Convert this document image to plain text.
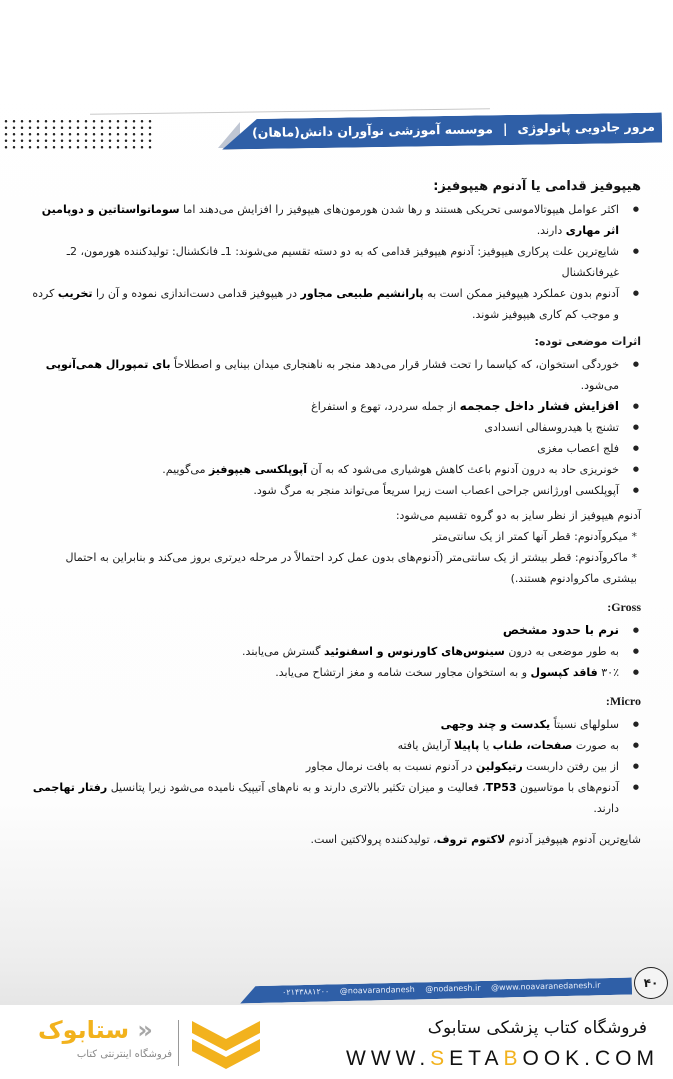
مرور جادویی پاتولوژی|موسسه آموزشی نوآوران دانش(ماهان)
هیپوفیز قدامی یا آدنوم هیپوفیز:
● اکثر عوامل هیپوتالاموسی تحریکی هستند و رها شدن هورمون‌های هیپوفیز را افزایش می‌دهند اما سوماتواستاتین و دوپامین اثر مهاری دارند.
● شایع‌ترین علت پرکاری هیپوفیز: آدنوم هیپوفیز قدامی که به دو دسته تقسیم می‌شوند: 1ـ فانکشنال: تولیدکننده هورمون، 2ـ غیرفانکشنال
● آدنوم بدون عملکرد هیپوفیز ممکن است به پارانشیم طبیعی مجاور در هیپوفیز قدامی دست‌اندازی نموده و آن را تخریب کرده و موجب کم کاری هیپوفیز شوند.
اثرات موضعی توده:
● خوردگی استخوان، که کیاسما را تحت فشار قرار می‌دهد منجر به ناهنجاری میدان بینایی و اصطلاحاً بای تمپورال همی‌آنوپی می‌شود.
● افزایش فشار داخل جمجمه از جمله سردرد، تهوع و استفراغ
● تشنج یا هیدروسفالی انسدادی
● فلج اعصاب مغزی
● خونریزی حاد به درون آدنوم باعث کاهش هوشیاری می‌شود که به آن آپوپلکسی هیپوفیز می‌گوییم.
● آپوپلکسی اورژانس جراحی اعصاب است زیرا سریعاً می‌تواند منجر به مرگ شود.

آدنوم هیپوفیز از نظر سایز به دو گروه تقسیم می‌شود:

* میکروآدنوم: قطر آنها کمتر از یک سانتی‌متر
* ماکروآدنوم: قطر بیشتر از یک سانتی‌متر (آدنوم‌های بدون عمل کرد احتمالاً در مرحله دیرتری بروز می‌کند و بنابراین به احتمال بیشتری ماکروادنوم هستند.)
Gross:
● نرم با حدود مشخص
● به طور موضعی به درون سینوس‌های کاورنوس و اسفنوئید گسترش می‌یابند.
● ۳۰٪ فاقد کپسول و به استخوان مجاور سخت شامه و مغز ارتشاح می‌یابد.
Micro:
● سلولهای نسبتاً یکدست و چند وجهی
● به صورت صفحات، طناب یا پاپیلا آرایش یافته
● از بین رفتن داربست رتیکولین در آدنوم نسبت به بافت نرمال مجاور
● آدنوم‌های با موتاسیون TP53، فعالیت و میزان تکثیر بالاتری دارند و به نام‌های آتیپیک نامیده می‌شود زیرا پتانسیل رفتار تهاجمی دارند.

شایع‌ترین آدنوم هیپوفیز آدنوم لاکتوم تروف، تولیدکننده پرولاکتین است.

۰۲۱۴۳۸۸۱۲۰۰ @noavarandanesh @nodanesh.ir @www.noavaranedanesh.ir	۴۰
فروشگاه کتاب پزشکی ستابوک
WWW.SETABOOK.COM
« ستابوک
فروشگاه اینترنتی کتاب
